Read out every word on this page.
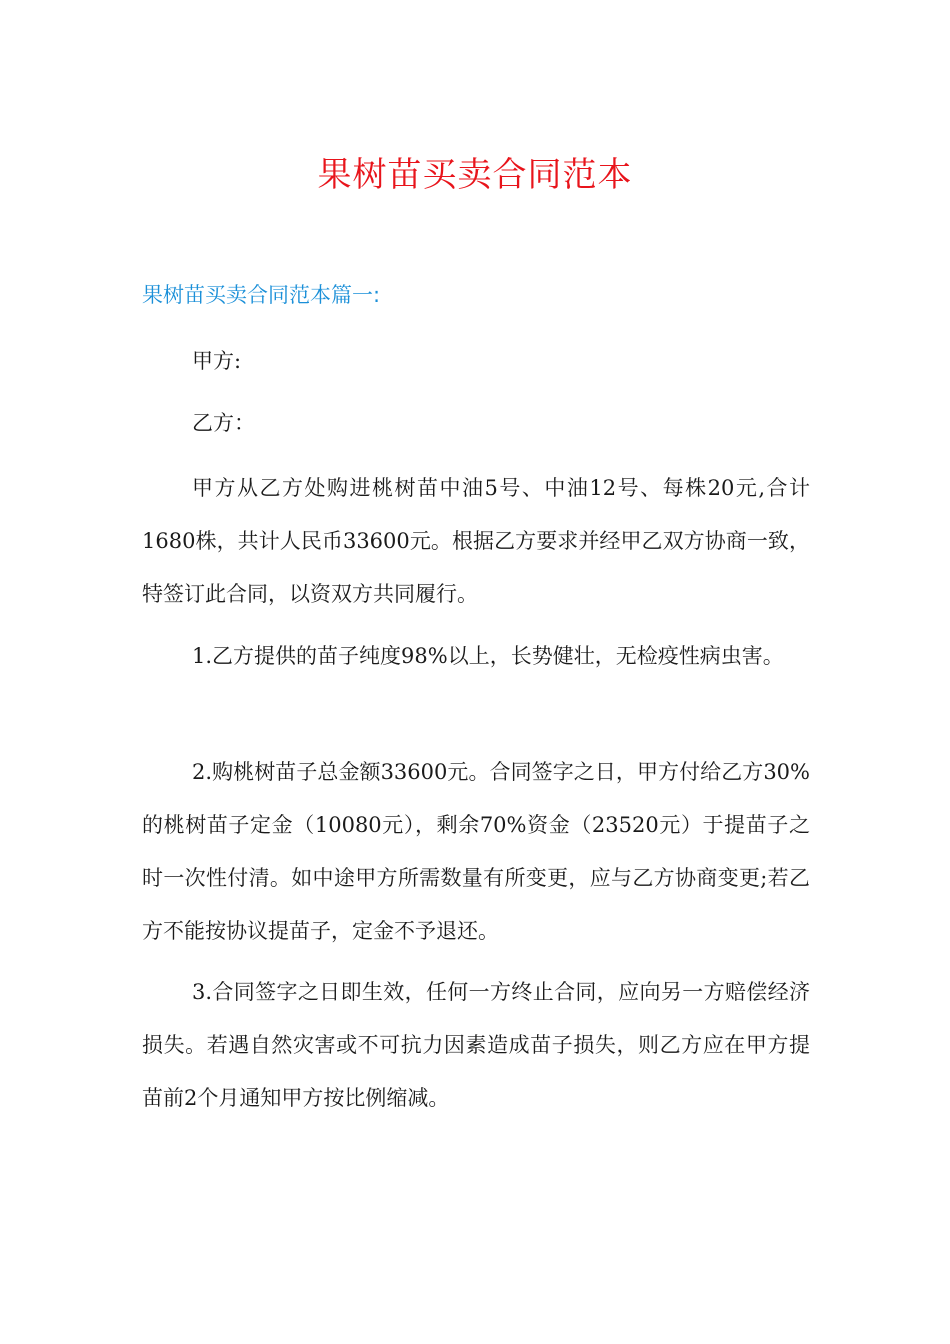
果树苗买卖合同范本
果树苗买卖合同范本篇一:

甲方:

乙方：

甲方从乙方处购进桃树苗中油5号、中油12号、每株20元,合计1680株，共计人民币33600元。根据乙方要求并经甲乙双方协商一致，特签订此合同，以资双方共同履行。

1.乙方提供的苗子纯度98%以上，长势健壮，无检疫性病虫害。

2.购桃树苗子总金额33600元。合同签字之日，甲方付给乙方30%的桃树苗子定金（10080元），剩余70%资金（23520元）于提苗子之时一次性付清。如中途甲方所需数量有所变更，应与乙方协商变更;若乙方不能按协议提苗子，定金不予退还。

3.合同签字之日即生效，任何一方终止合同，应向另一方赔偿经济损失。若遇自然灾害或不可抗力因素造成苗子损失，则乙方应在甲方提苗前2个月通知甲方按比例缩减。
